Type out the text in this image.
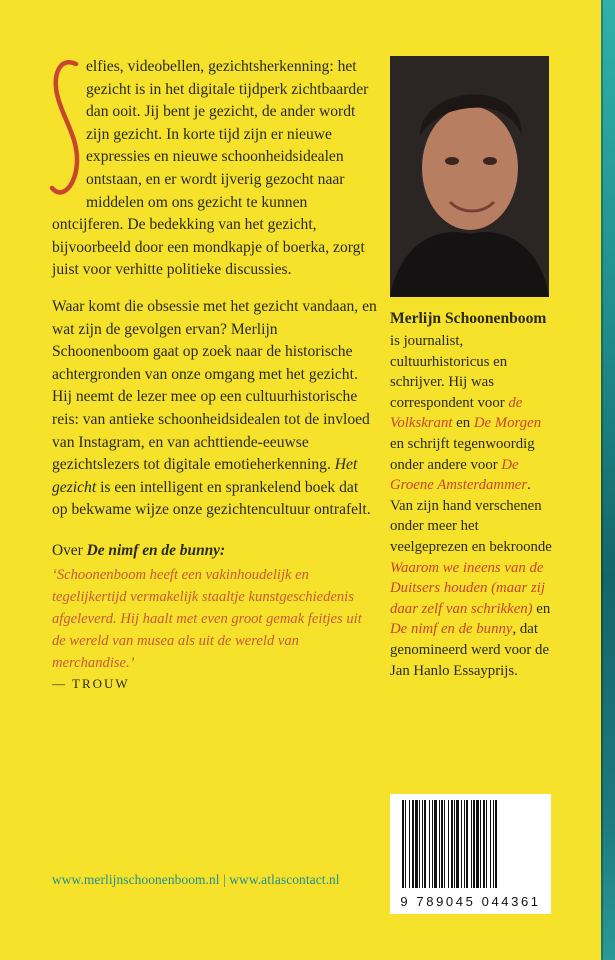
elfies, videobellen, gezichtsherkenning: het gezicht is in het digitale tijdperk zichtbaarder dan ooit. Jij bent je gezicht, de ander wordt zijn gezicht. In korte tijd zijn er nieuwe expressies en nieuwe schoonheidsidealen ontstaan, en er wordt ijverig gezocht naar middelen om ons gezicht te kunnen ontcijferen. De bedekking van het gezicht, bijvoorbeeld door een mondkapje of boerka, zorgt juist voor verhitte politieke discussies.

Waar komt die obsessie met het gezicht vandaan, en wat zijn de gevolgen ervan? Merlijn Schoonenboom gaat op zoek naar de historische achtergronden van onze omgang met het gezicht. Hij neemt de lezer mee op een cultuurhistorische reis: van antieke schoonheidsidealen tot de invloed van Instagram, en van achttiende-eeuwse gezichtslezers tot digitale emotieherkenning. Het gezicht is een intelligent en sprankelend boek dat op bekwame wijze onze gezichtencultuur ontrafelt.

Over De nimf en de bunny:
‘Schoonenboom heeft een vakinhoudelijk en tegelijkertijd vermakelijk staaltje kunstgeschiedenis afgeleverd. Hij haalt met even groot gemak feitjes uit de wereld van musea als uit de wereld van merchandise.’
— TROUW
www.merlijnschoonenboom.nl | www.atlascontact.nl

Merlijn Schoonenboom

is journalist, cultuurhistoricus en schrijver. Hij was correspondent voor de Volkskrant en De Morgen en schrijft tegenwoordig onder andere voor De Groene Amsterdammer. Van zijn hand verschenen onder meer het veelgeprezen en bekroonde Waarom we ineens van de Duitsers houden (maar zij daar zelf van schrikken) en De nimf en de bunny, dat genomineerd werd voor de Jan Hanlo Essayprijs.

9 789045 044361
